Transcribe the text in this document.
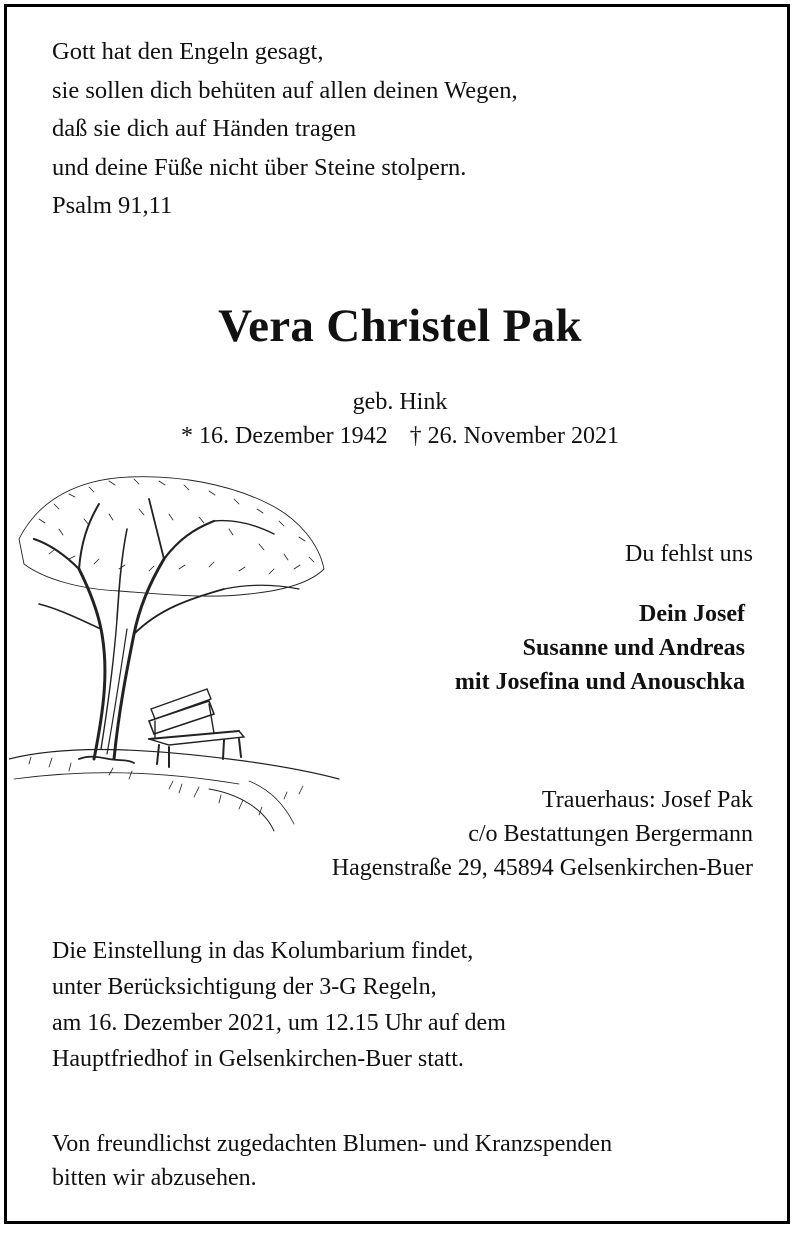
Gott hat den Engeln gesagt,
sie sollen dich behüten auf allen deinen Wegen,
daß sie dich auf Händen tragen
und deine Füße nicht über Steine stolpern.
Psalm 91,11
Vera Christel Pak
geb. Hink
* 16. Dezember 1942 † 26. November 2021
Du fehlst uns
Dein Josef
Susanne und Andreas
mit Josefina und Anouschka
Trauerhaus: Josef Pak
c/o Bestattungen Bergermann
Hagenstraße 29, 45894 Gelsenkirchen-Buer
Die Einstellung in das Kolumbarium findet,
unter Berücksichtigung der 3-G Regeln,
am 16. Dezember 2021, um 12.15 Uhr auf dem
Hauptfriedhof in Gelsenkirchen-Buer statt.
Von freundlichst zugedachten Blumen- und Kranzspenden
bitten wir abzusehen.
